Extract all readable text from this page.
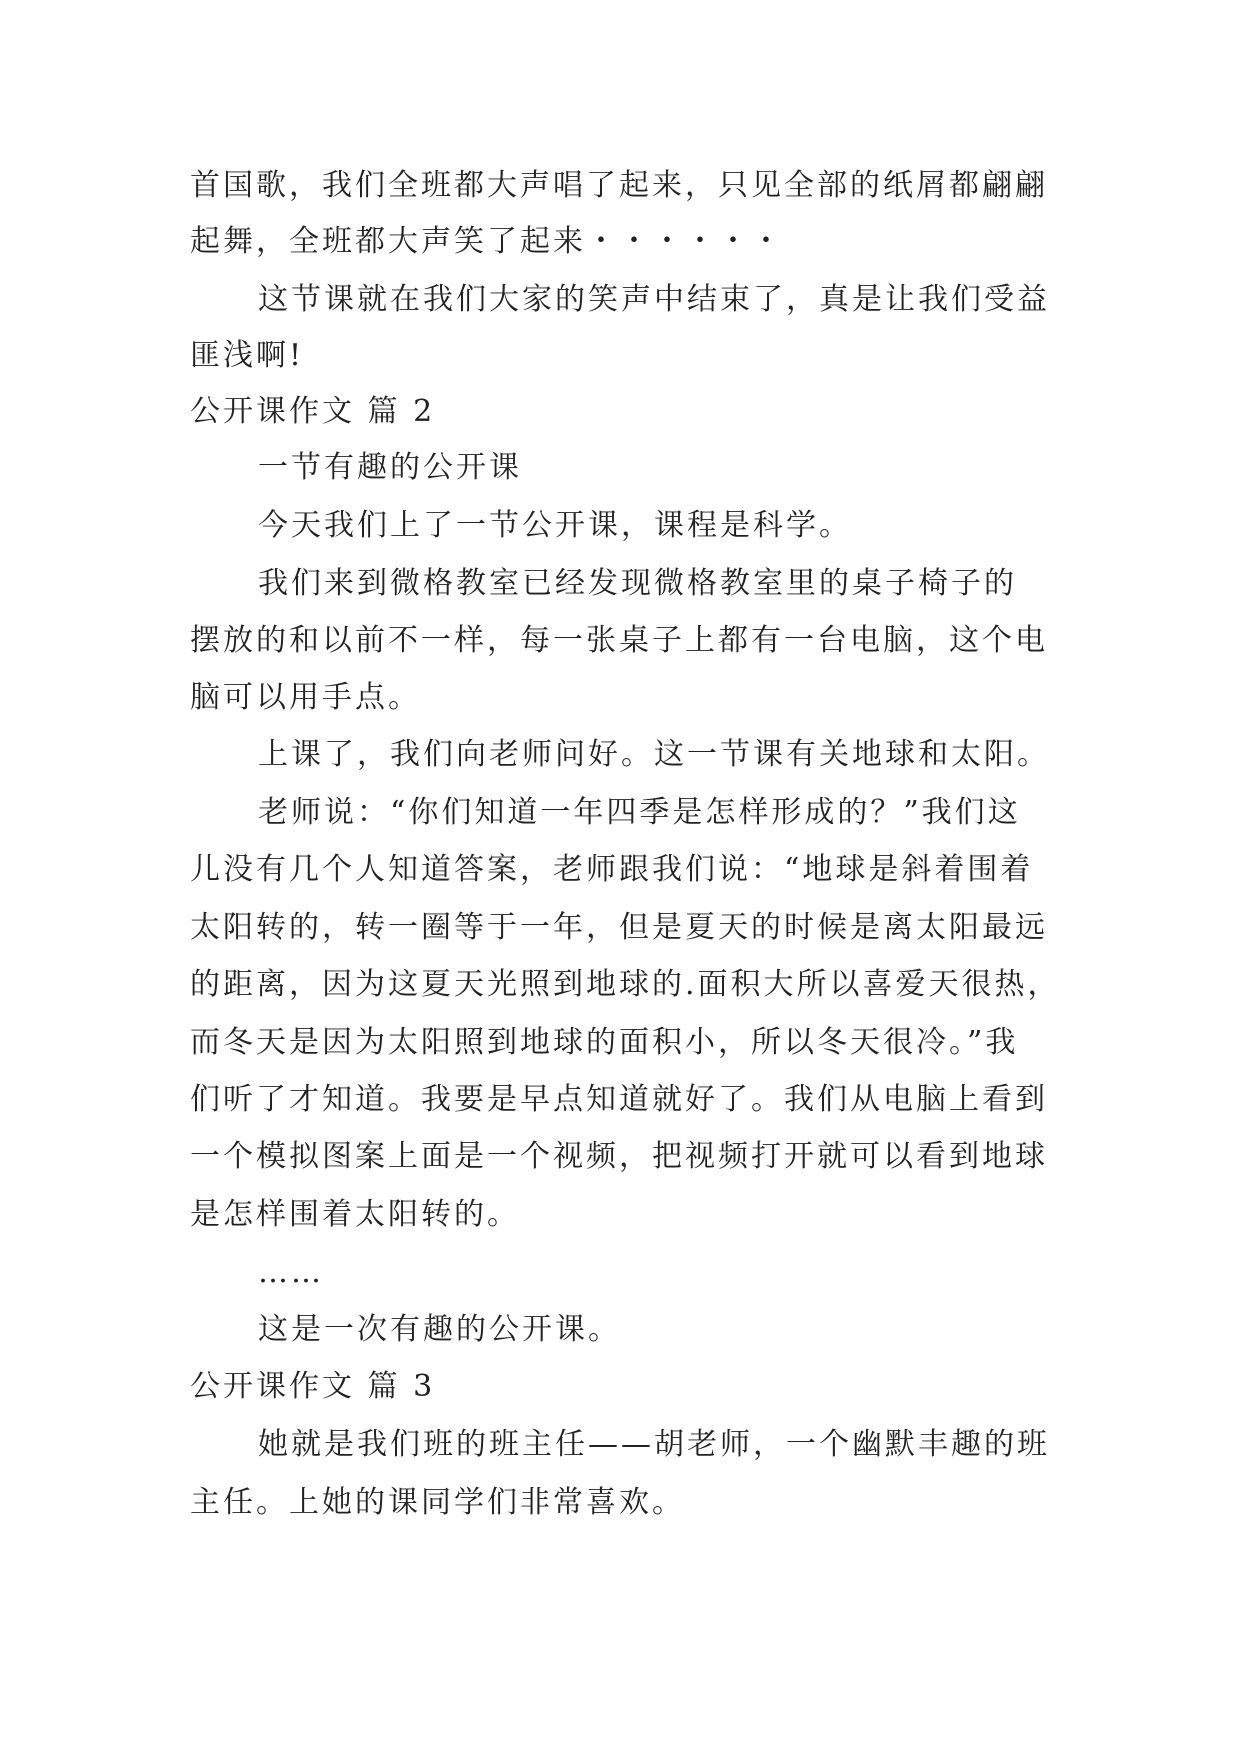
首国歌，我们全班都大声唱了起来，只见全部的纸屑都翩翩
起舞，全班都大声笑了起来・・・・・・
这节课就在我们大家的笑声中结束了，真是让我们受益
匪浅啊!
公开课作文 篇 2
一节有趣的公开课
今天我们上了一节公开课，课程是科学。
我们来到微格教室已经发现微格教室里的桌子椅子的
摆放的和以前不一样，每一张桌子上都有一台电脑，这个电
脑可以用手点。
上课了，我们向老师问好。这一节课有关地球和太阳。
老师说：“你们知道一年四季是怎样形成的？”我们这
儿没有几个人知道答案，老师跟我们说：“地球是斜着围着
太阳转的，转一圈等于一年，但是夏天的时候是离太阳最远
的距离，因为这夏天光照到地球的.面积大所以喜爱天很热，
而冬天是因为太阳照到地球的面积小，所以冬天很冷。”我
们听了才知道。我要是早点知道就好了。我们从电脑上看到
一个模拟图案上面是一个视频，把视频打开就可以看到地球
是怎样围着太阳转的。
……
这是一次有趣的公开课。
公开课作文 篇 3
她就是我们班的班主任——胡老师，一个幽默丰趣的班
主任。上她的课同学们非常喜欢。
